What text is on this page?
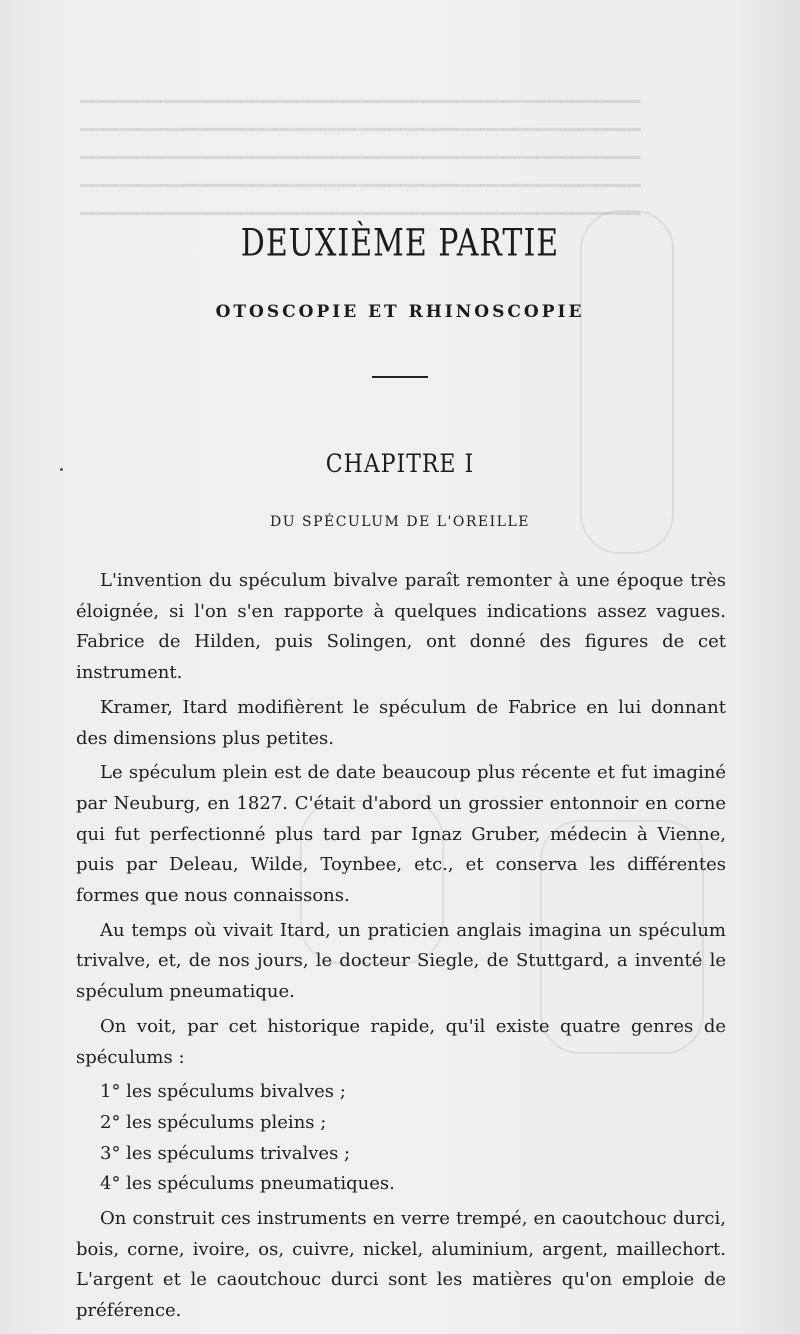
━━━━━━━━━━━━━━━━━━━━━━━━━━━━━━━━━━━━━━━━━━━━━━━━━
━━━━━━━━━━━━━━━━━━━━━━━━━━━━━━━━━━━━━━━━━━━━━━━━━
━━━━━━━━━━━━━━━━━━━━━━━━━━━━━━━━━━━━━━━━━━━━━━━━━
━━━━━━━━━━━━━━━━━━━━━━━━━━━━━━━━━━━━━━━━━━━━━━━━━
━━━━━━━━━━━━━━━━━━━━━━━━━━━━━━━━━━━━━━━━━━━━━━━━━
DEUXIÈME PARTIE
OTOSCOPIE ET RHINOSCOPIE
CHAPITRE I
DU SPÉCULUM DE L'OREILLE

L'invention du spéculum bivalve paraît remonter à une époque très éloignée, si l'on s'en rapporte à quelques indications assez vagues. Fabrice de Hilden, puis Solingen, ont donné des figures de cet instrument.

Kramer, Itard modifièrent le spéculum de Fabrice en lui donnant des dimensions plus petites.

Le spéculum plein est de date beaucoup plus récente et fut imaginé par Neuburg, en 1827. C'était d'abord un grossier entonnoir en corne qui fut perfectionné plus tard par Ignaz Gruber, médecin à Vienne, puis par Deleau, Wilde, Toynbee, etc., et conserva les différentes formes que nous connaissons.

Au temps où vivait Itard, un praticien anglais imagina un spéculum trivalve, et, de nos jours, le docteur Siegle, de Stuttgard, a inventé le spéculum pneumatique.

On voit, par cet historique rapide, qu'il existe quatre genres de spéculums :

1° les spéculums bivalves ;

2° les spéculums pleins ;

3° les spéculums trivalves ;

4° les spéculums pneumatiques.

On construit ces instruments en verre trempé, en caoutchouc durci, bois, corne, ivoire, os, cuivre, nickel, aluminium, argent, maillechort. L'argent et le caoutchouc durci sont les matières qu'on emploie de préférence.
